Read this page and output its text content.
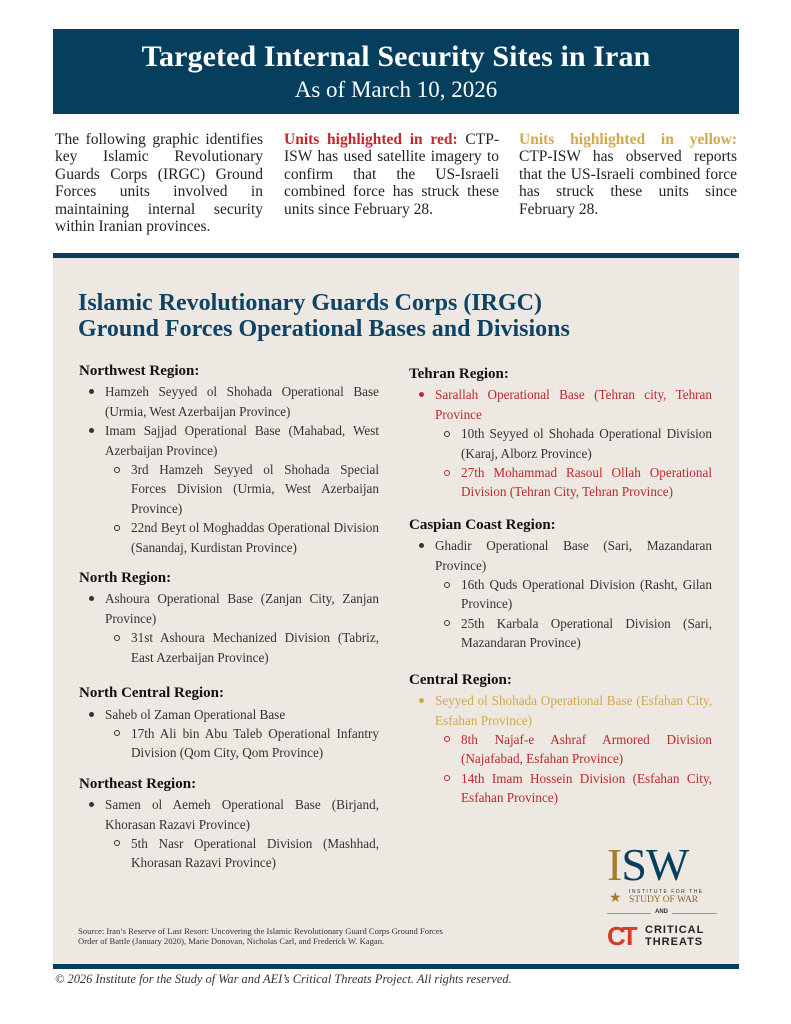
Targeted Internal Security Sites in Iran
As of March 10, 2026
The following graphic identifies key Islamic Revolutionary Guards Corps (IRGC) Ground Forces units involved in maintaining internal security within Iranian provinces.
Units highlighted in red: CTP-ISW has used satellite imagery to confirm that the US-Israeli combined force has struck these units since February 28.
Units highlighted in yellow: CTP-ISW has observed reports that the US-Israeli combined force has struck these units since February 28.
Islamic Revolutionary Guards Corps (IRGC)
Ground Forces Operational Bases and Divisions
Northwest Region:
Hamzeh Seyyed ol Shohada Operational Base (Urmia, West Azerbaijan Province)
Imam Sajjad Operational Base (Mahabad, West Azerbaijan Province)
3rd Hamzeh Seyyed ol Shohada Special Forces Division (Urmia, West Azerbaijan Province)
22nd Beyt ol Moghaddas Operational Division (Sanandaj, Kurdistan Province)
North Region:
Ashoura Operational Base (Zanjan City, Zanjan Province)
31st Ashoura Mechanized Division (Tabriz, East Azerbaijan Province)
North Central Region:
Saheb ol Zaman Operational Base
17th Ali bin Abu Taleb Operational Infantry Division (Qom City, Qom Province)
Northeast Region:
Samen ol Aemeh Operational Base (Birjand, Khorasan Razavi Province)
5th Nasr Operational Division (Mashhad, Khorasan Razavi Province)
Tehran Region:
Sarallah Operational Base (Tehran city, Tehran Province
10th Seyyed ol Shohada Operational Division (Karaj, Alborz Province)
27th Mohammad Rasoul Ollah Operational Division (Tehran City, Tehran Province)
Caspian Coast Region:
Ghadir Operational Base (Sari, Mazandaran Province)
16th Quds Operational Division (Rasht, Gilan Province)
25th Karbala Operational Division (Sari, Mazandaran Province)
Central Region:
Seyyed ol Shohada Operational Base (Esfahan City, Esfahan Province)
8th Najaf-e Ashraf Armored Division (Najafabad, Esfahan Province)
14th Imam Hossein Division (Esfahan City, Esfahan Province)
ISW
★ INSTITUTE FOR THE
STUDY OF WAR
AND
CT CRITICAL
THREATS
Source: Iran’s Reserve of Last Resort: Uncovering the Islamic Revolutionary Guard Corps Ground Forces
Order of Battle (January 2020), Marie Donovan, Nicholas Carl, and Frederick W. Kagan.
© 2026 Institute for the Study of War and AEI’s Critical Threats Project. All rights reserved.
